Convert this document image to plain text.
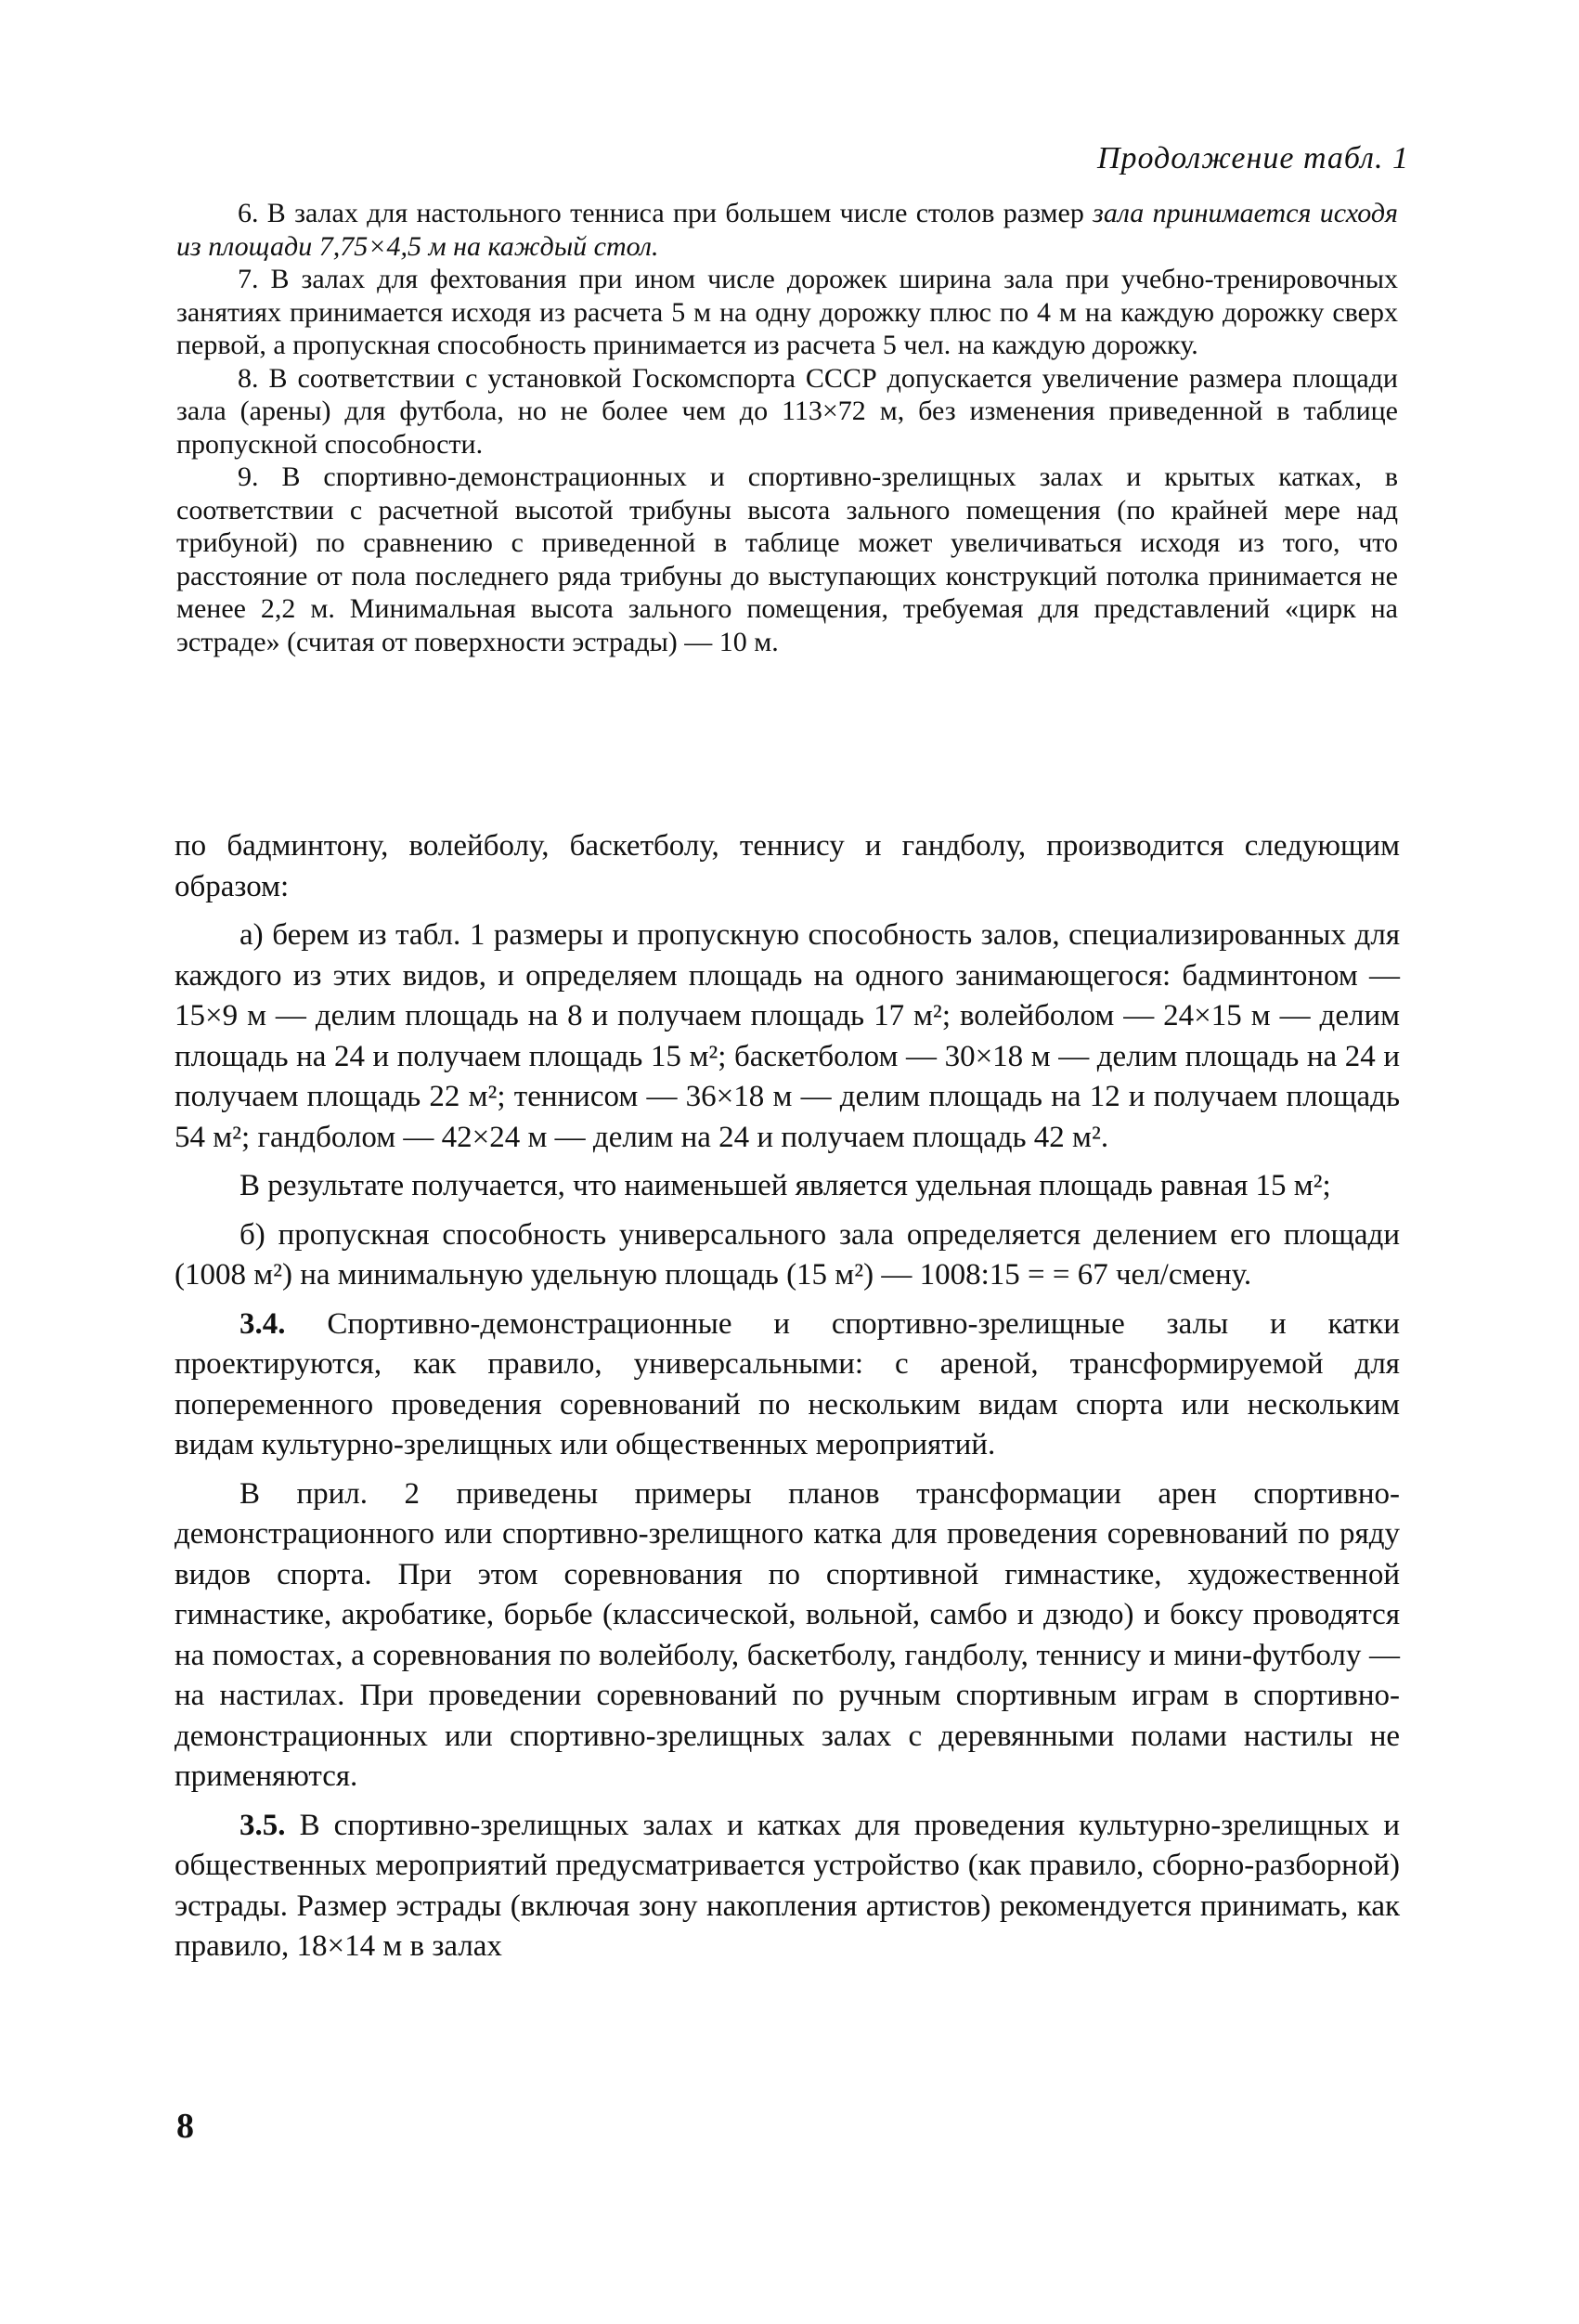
Продолжение табл. 1

6. В залах для настольного тенниса при большем числе столов размер зала принимается исходя из площади 7,75×4,5 м на каждый стол.

7. В залах для фехтования при ином числе дорожек ширина зала при учебно-тренировочных занятиях принимается исходя из расчета 5 м на одну дорожку плюс по 4 м на каждую дорожку сверх первой, а пропускная способность принимается из расчета 5 чел. на каждую дорожку.

8. В соответствии с установкой Госкомспорта СССР допускается увеличение размера площади зала (арены) для футбола, но не более чем до 113×72 м, без изменения приведенной в таблице пропускной способности.

9. В спортивно-демонстрационных и спортивно-зрелищных залах и крытых катках, в соответствии с расчетной высотой трибуны высота зального помещения (по крайней мере над трибуной) по сравнению с приведенной в таблице может увеличиваться исходя из того, что расстояние от пола последнего ряда трибуны до выступающих конструкций потолка принимается не менее 2,2 м. Минимальная высота зального помещения, требуемая для представлений «цирк на эстраде» (считая от поверхности эстрады) — 10 м.

по бадминтону, волейболу, баскетболу, теннису и гандболу, производится следующим образом:

а) берем из табл. 1 размеры и пропускную способность залов, специализированных для каждого из этих видов, и определяем площадь на одного занимающегося: бадминтоном — 15×9 м — делим площадь на 8 и получаем площадь 17 м²; волейболом — 24×15 м — делим площадь на 24 и получаем площадь 15 м²; баскетболом — 30×18 м — делим площадь на 24 и получаем площадь 22 м²; теннисом — 36×18 м — делим площадь на 12 и получаем площадь 54 м²; гандболом — 42×24 м — делим на 24 и получаем площадь 42 м².

В результате получается, что наименьшей является удельная площадь равная 15 м²;

б) пропускная способность универсального зала определяется делением его площади (1008 м²) на минимальную удельную площадь (15 м²) — 1008:15 = = 67 чел/смену.

3.4. Спортивно-демонстрационные и спортивно-зрелищные залы и катки проектируются, как правило, универсальными: с ареной, трансформируемой для попеременного проведения соревнований по нескольким видам спорта или нескольким видам культурно-зрелищных или общественных мероприятий.

В прил. 2 приведены примеры планов трансформации арен спортивно-демонстрационного или спортивно-зрелищного катка для проведения соревнований по ряду видов спорта. При этом соревнования по спортивной гимнастике, художественной гимнастике, акробатике, борьбе (классической, вольной, самбо и дзюдо) и боксу проводятся на помостах, а соревнования по волейболу, баскетболу, гандболу, теннису и мини-футболу — на настилах. При проведении соревнований по ручным спортивным играм в спортивно-демонстрационных или спортивно-зрелищных залах с деревянными полами настилы не применяются.

3.5. В спортивно-зрелищных залах и катках для проведения культурно-зрелищных и общественных мероприятий предусматривается устройство (как правило, сборно-разборной) эстрады. Размер эстрады (включая зону накопления артистов) рекомендуется принимать, как правило, 18×14 м в залах

8
